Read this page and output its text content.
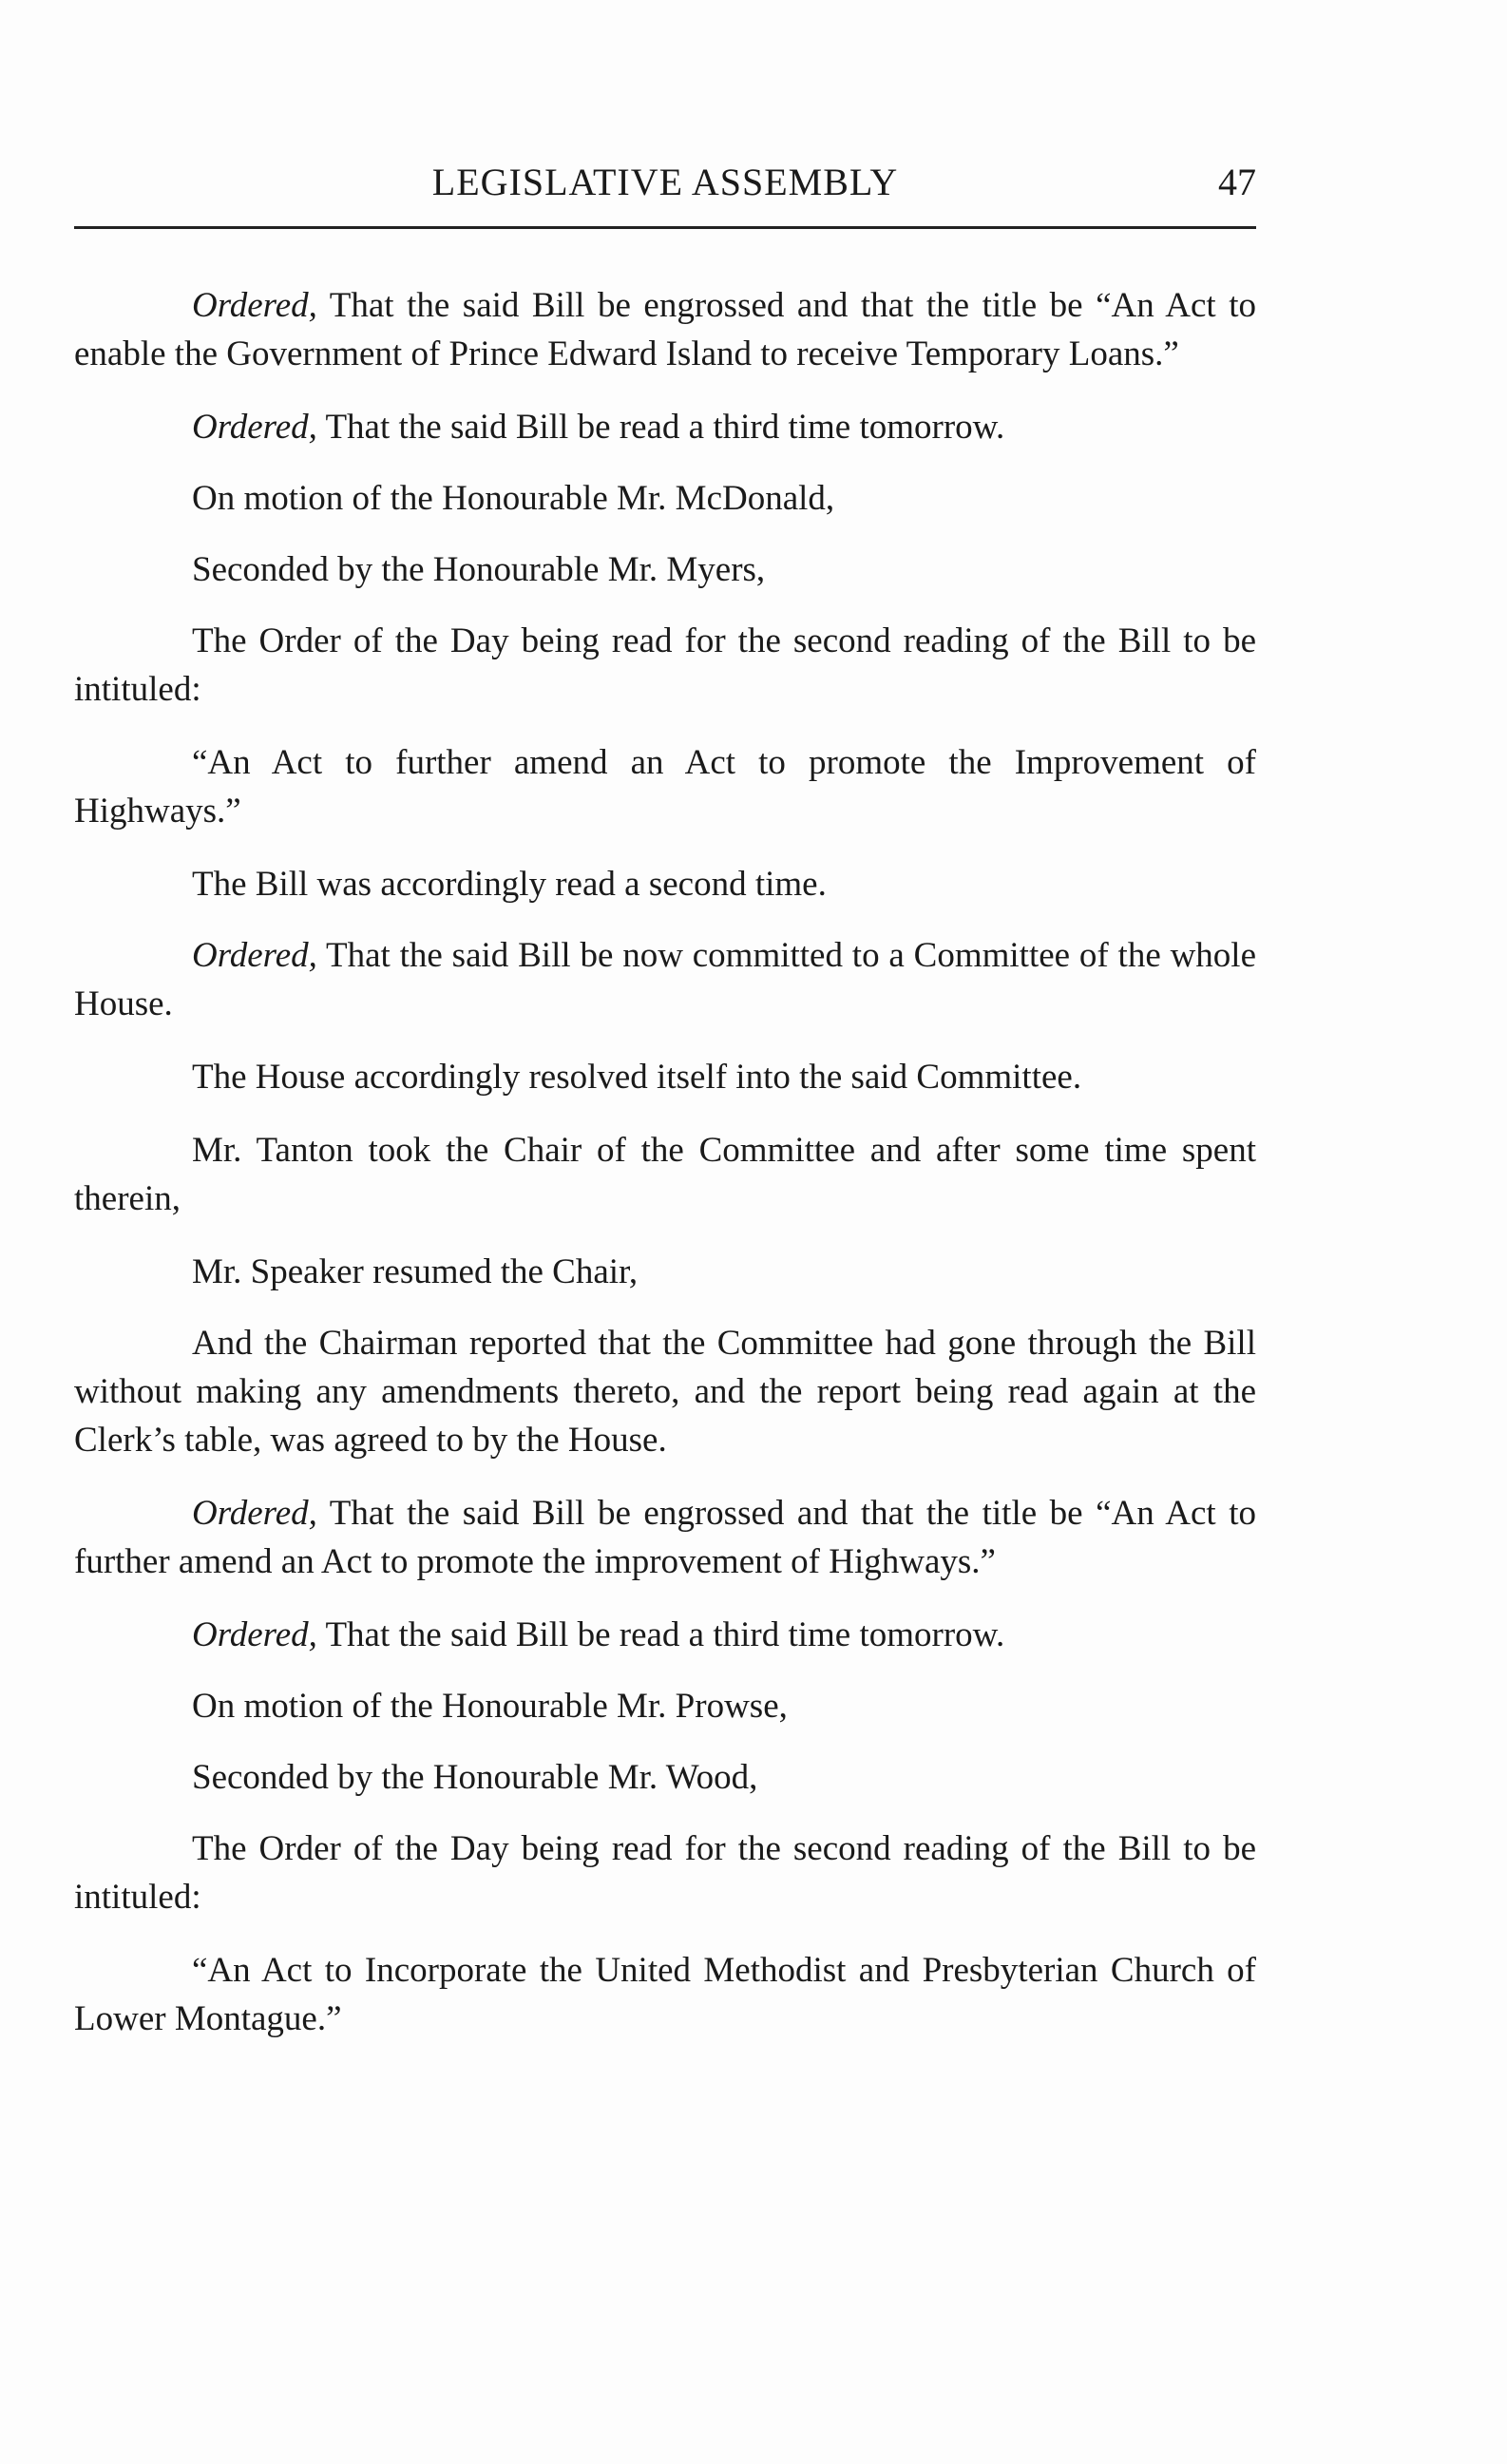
LEGISLATIVE ASSEMBLY	47

Ordered, That the said Bill be engrossed and that the title be “An Act to enable the Government of Prince Edward Island to receive Temporary Loans.”

Ordered, That the said Bill be read a third time tomorrow.

On motion of the Honourable Mr. McDonald,

Seconded by the Honourable Mr. Myers,

The Order of the Day being read for the second reading of the Bill to be intituled:

“An Act to further amend an Act to promote the Improvement of Highways.”

The Bill was accordingly read a second time.

Ordered, That the said Bill be now committed to a Committee of the whole House.

The House accordingly resolved itself into the said Committee.

Mr. Tanton took the Chair of the Committee and after some time spent therein,

Mr. Speaker resumed the Chair,

And the Chairman reported that the Committee had gone through the Bill without making any amendments thereto, and the report being read again at the Clerk’s table, was agreed to by the House.

Ordered, That the said Bill be engrossed and that the title be “An Act to further amend an Act to promote the improvement of Highways.”

Ordered, That the said Bill be read a third time tomorrow.

On motion of the Honourable Mr. Prowse,

Seconded by the Honourable Mr. Wood,

The Order of the Day being read for the second reading of the Bill to be intituled:

“An Act to Incorporate the United Methodist and Presbyterian Church of Lower Montague.”
